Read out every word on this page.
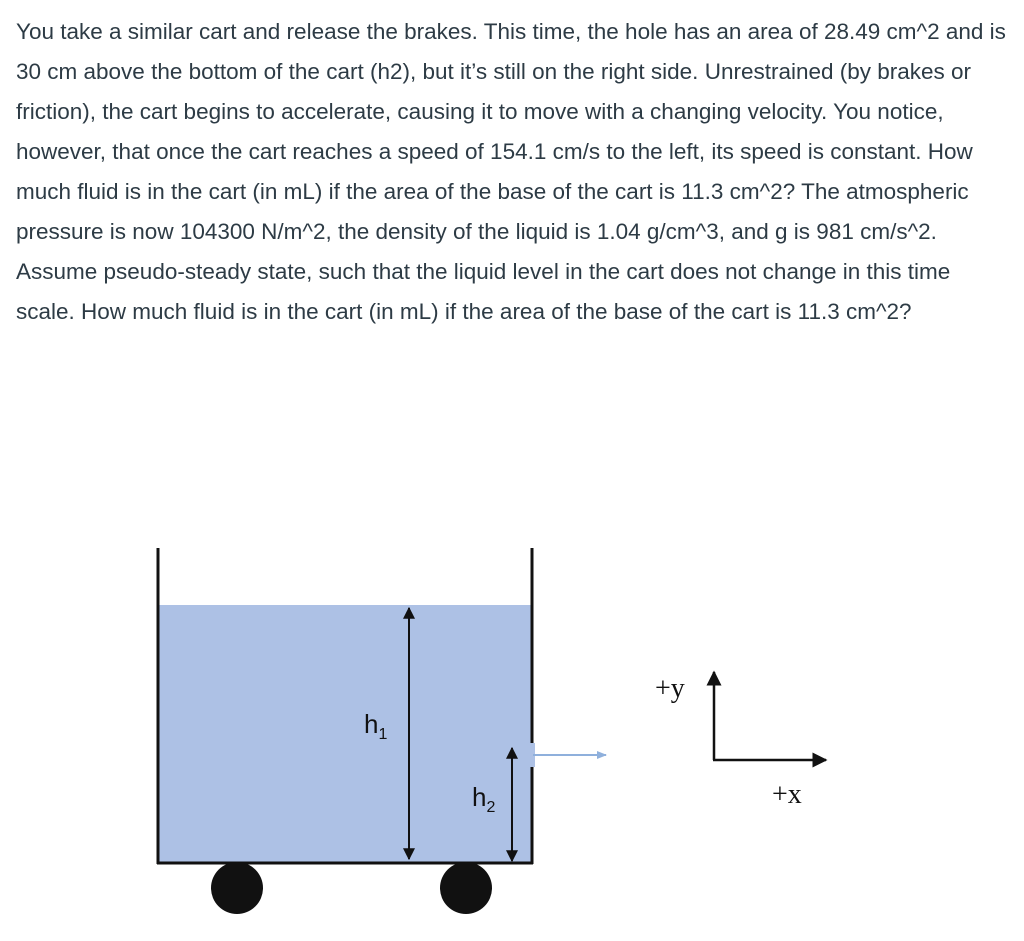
You take a similar cart and release the brakes. This time, the hole has an area of 28.49 cm^2 and is 30 cm above the bottom of the cart (h2), but it’s still on the right side. Unrestrained (by brakes or friction), the cart begins to accelerate, causing it to move with a changing velocity. You notice, however, that once the cart reaches a speed of 154.1 cm/s to the left, its speed is constant. How much fluid is in the cart (in mL) if the area of the base of the cart is 11.3 cm^2? The atmospheric pressure is now 104300 N/m^2, the density of the liquid is 1.04 g/cm^3, and g is 981 cm/s^2. Assume pseudo-steady state, such that the liquid level in the cart does not change in this time scale. How much fluid is in the cart (in mL) if the area of the base of the cart is 11.3 cm^2?

$h_1$
$h_2$
+y
+x
